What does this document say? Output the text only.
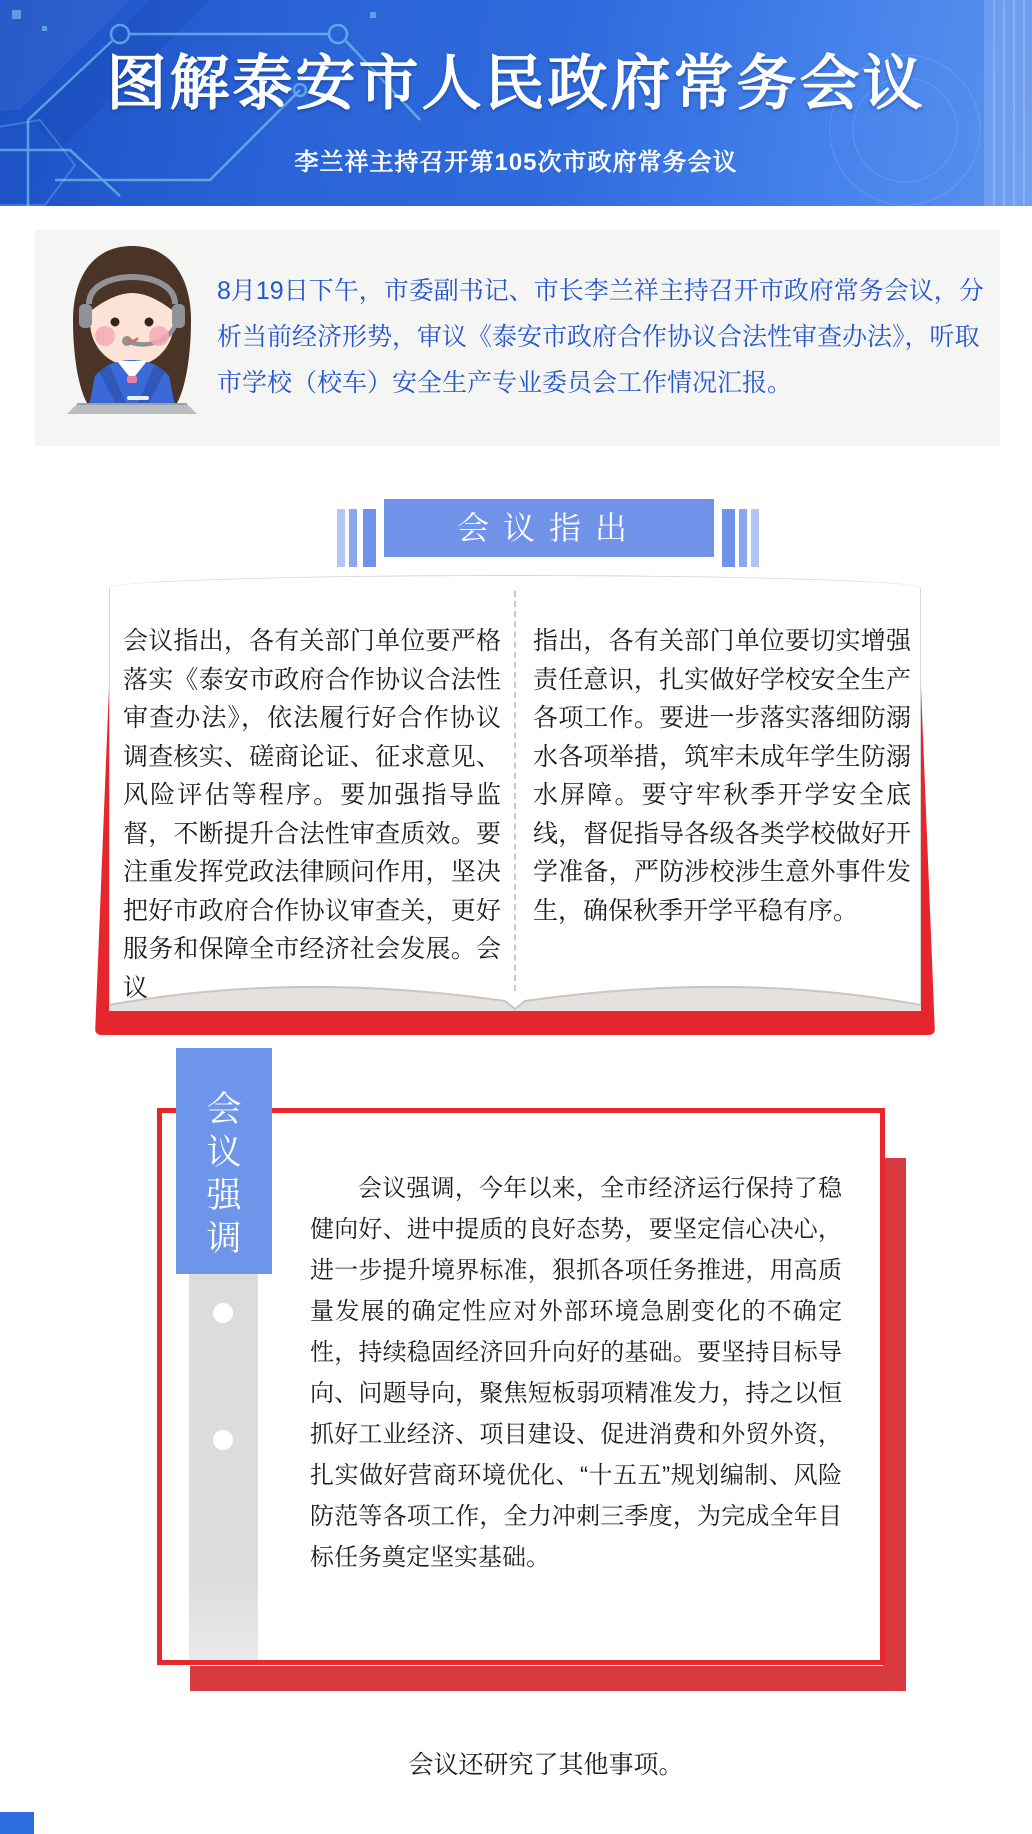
图解泰安市人民政府常务会议
李兰祥主持召开第105次市政府常务会议
8月19日下午，市委副书记、市长李兰祥主持召开市政府常务会议，分析当前经济形势，审议《泰安市政府合作协议合法性审查办法》，听取市学校（校车）安全生产专业委员会工作情况汇报。
会议指出
会议指出，各有关部门单位要严格落实《泰安市政府合作协议合法性审查办法》，依法履行好合作协议调查核实、磋商论证、征求意见、风险评估等程序。要加强指导监督，不断提升合法性审查质效。要注重发挥党政法律顾问作用，坚决把好市政府合作协议审查关，更好服务和保障全市经济社会发展。会议
指出，各有关部门单位要切实增强责任意识，扎实做好学校安全生产各项工作。要进一步落实落细防溺水各项举措，筑牢未成年学生防溺水屏障。要守牢秋季开学安全底线，督促指导各级各类学校做好开学准备，严防涉校涉生意外事件发生，确保秋季开学平稳有序。
会
议
强
调
会议强调，今年以来，全市经济运行保持了稳健向好、进中提质的良好态势，要坚定信心决心，进一步提升境界标准，狠抓各项任务推进，用高质量发展的确定性应对外部环境急剧变化的不确定性，持续稳固经济回升向好的基础。要坚持目标导向、问题导向，聚焦短板弱项精准发力，持之以恒抓好工业经济、项目建设、促进消费和外贸外资，扎实做好营商环境优化、“十五五”规划编制、风险防范等各项工作，全力冲刺三季度，为完成全年目标任务奠定坚实基础。
会议还研究了其他事项。
